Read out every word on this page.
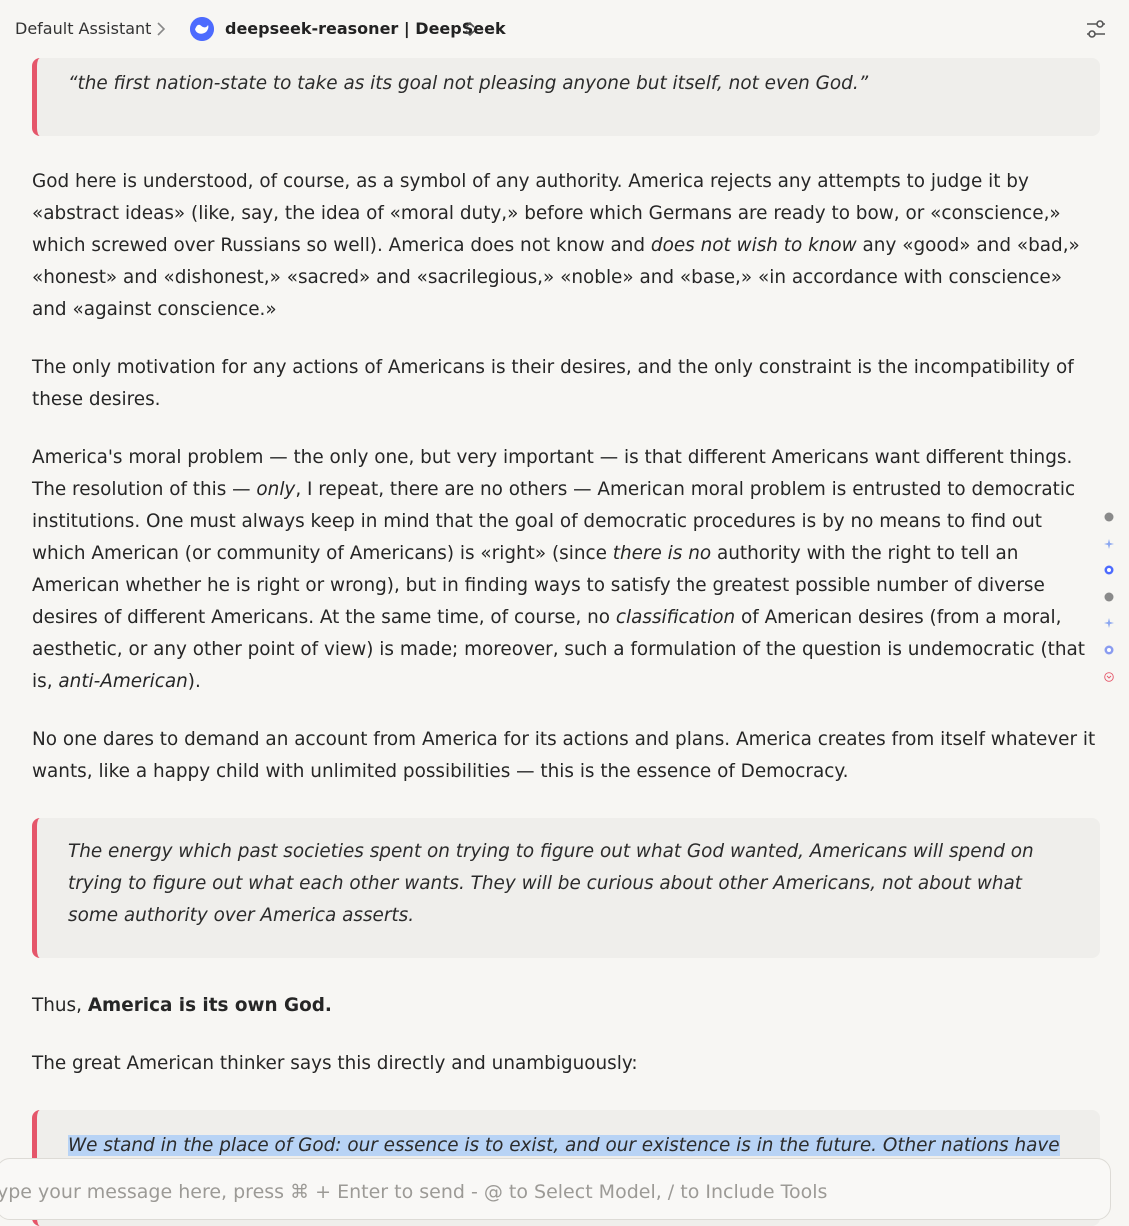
Default Assistant	deepseek-reasoner | DeepSeek
“the first nation-state to take as its goal not pleasing anyone but itself, not even God.”

God here is understood, of course, as a symbol of any authority. America rejects any attempts to judge it by «abstract ideas» (like, say, the idea of «moral duty,» before which Germans are ready to bow, or «conscience,» which screwed over Russians so well). America does not know and does not wish to know any «good» and «bad,» «honest» and «dishonest,» «sacred» and «sacrilegious,» «noble» and «base,» «in accordance with conscience» and «against conscience.»

The only motivation for any actions of Americans is their desires, and the only constraint is the incompatibility of these desires.

America's moral problem — the only one, but very important — is that different Americans want different things. The resolution of this — only, I repeat, there are no others — American moral problem is entrusted to democratic institutions. One must always keep in mind that the goal of democratic procedures is by no means to find out which American (or community of Americans) is «right» (since there is no authority with the right to tell an American whether he is right or wrong), but in finding ways to satisfy the greatest possible number of diverse desires of different Americans. At the same time, of course, no classification of American desires (from a moral, aesthetic, or any other point of view) is made; moreover, such a formulation of the question is undemocratic (that is, anti-American).

No one dares to demand an account from America for its actions and plans. America creates from itself whatever it wants, like a happy child with unlimited possibilities — this is the essence of Democracy.

The energy which past societies spent on trying to figure out what God wanted, Americans will spend on trying to figure out what each other wants. They will be curious about other Americans, not about what some authority over America asserts.

Thus, America is its own God.

The great American thinker says this directly and unambiguously:

We stand in the place of God: our essence is to exist, and our existence is in the future. Other nations have

ype your message here, press ⌘ + Enter to send - @ to Select Model, / to Include Tools
